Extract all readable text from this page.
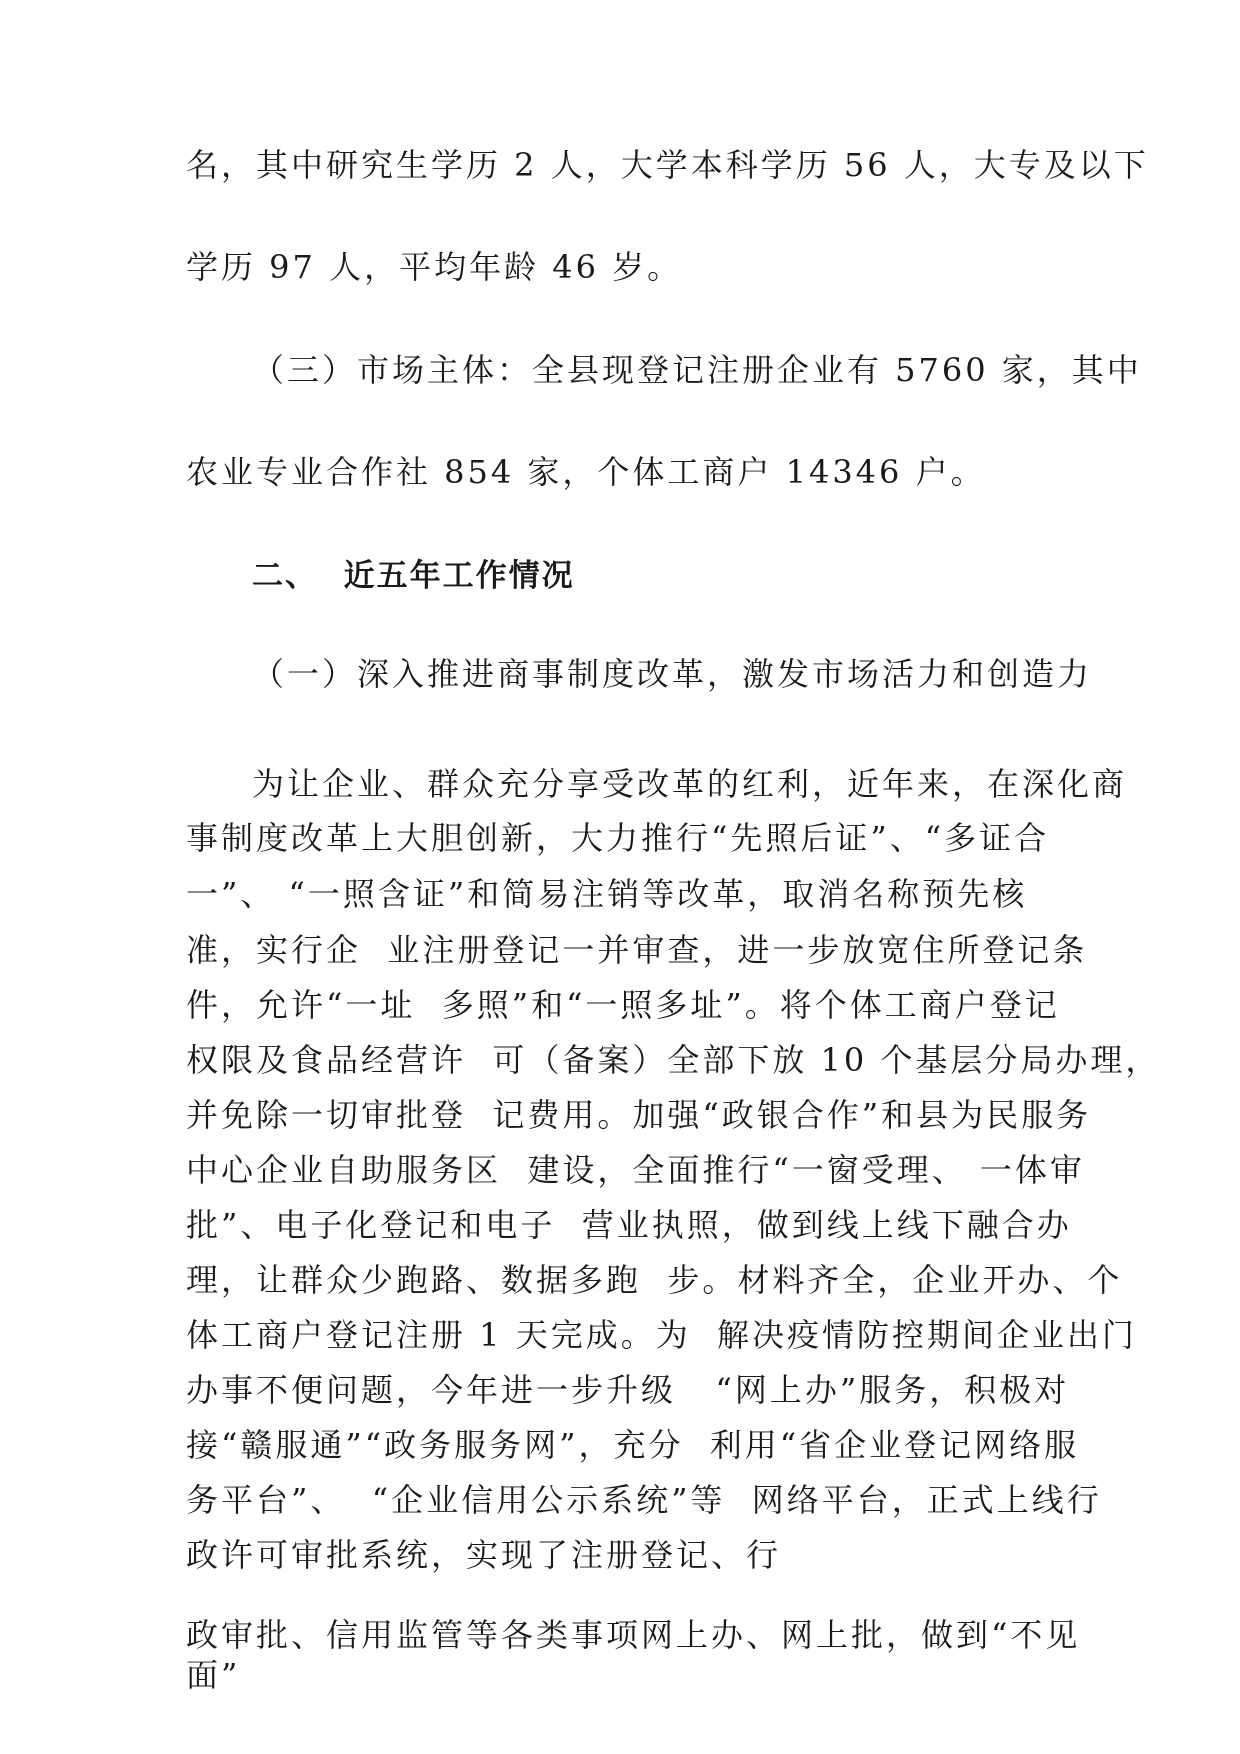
名，其中研究生学历 2 人，大学本科学历 56 人，大专及以下
学历 97 人，平均年龄 46 岁。
（三）市场主体：全县现登记注册企业有 5760 家，其中
农业专业合作社 854 家，个体工商户 14346 户。
二、  近五年工作情况
（一）深入推进商事制度改革，激发市场活力和创造力
为让企业、群众充分享受改革的红利，近年来，在深化商
事制度改革上大胆创新，大力推行“先照后证”、“多证合
一”、 “一照含证”和简易注销等改革，取消名称预先核
准，实行企  业注册登记一并审查，进一步放宽住所登记条
件，允许“一址  多照”和“一照多址”。将个体工商户登记
权限及食品经营许  可（备案）全部下放 10 个基层分局办理，
并免除一切审批登  记费用。加强“政银合作”和县为民服务
中心企业自助服务区  建设，全面推行“一窗受理、 一体审
批”、电子化登记和电子  营业执照，做到线上线下融合办
理，让群众少跑路、数据多跑  步。材料齐全，企业开办、个
体工商户登记注册 1 天完成。为  解决疫情防控期间企业出门
办事不便问题，今年进一步升级   “网上办”服务，积极对
接“赣服通”“政务服务网”，充分  利用“省企业登记网络服
务平台”、  “企业信用公示系统”等  网络平台，正式上线行
政许可审批系统，实现了注册登记、行
政审批、信用监管等各类事项网上办、网上批，做到“不见
面”
